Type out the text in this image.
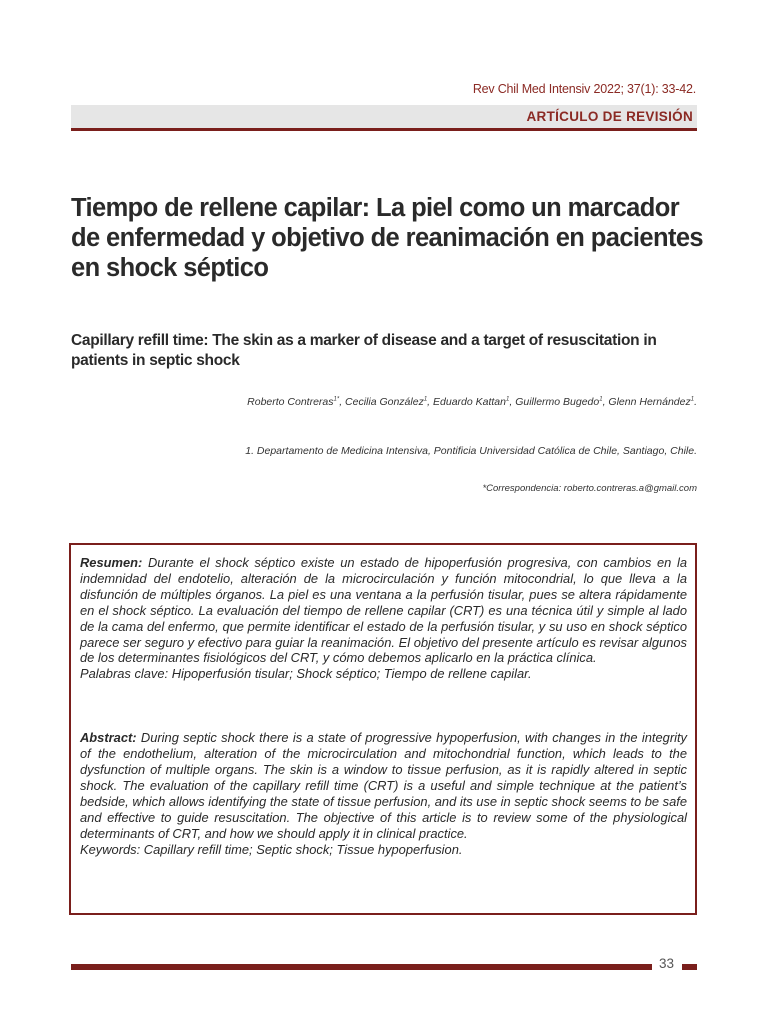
Rev Chil Med Intensiv 2022; 37(1): 33-42.
ARTÍCULO DE REVISIÓN
Tiempo de rellene capilar: La piel como un marcador de enfermedad y objetivo de reanimación en pacientes en shock séptico
Capillary refill time: The skin as a marker of disease and a target of resuscitation in patients in septic shock
Roberto Contreras$^{1*}$, Cecilia González$^1$, Eduardo Kattan$^1$, Guillermo Bugedo$^1$, Glenn Hernández$^1$.
1. Departamento de Medicina Intensiva, Pontificia Universidad Católica de Chile, Santiago, Chile.
*Correspondencia: roberto.contreras.a@gmail.com

Resumen: Durante el shock séptico existe un estado de hipoperfusión progresiva, con cambios en la indemnidad del endotelio, alteración de la microcirculación y función mitocondrial, lo que lleva a la disfunción de múltiples órganos. La piel es una ventana a la perfusión tisular, pues se altera rápidamente en el shock séptico. La evaluación del tiempo de rellene capilar (CRT) es una técnica útil y simple al lado de la cama del enfermo, que permite identificar el estado de la perfusión tisular, y su uso en shock séptico parece ser seguro y efectivo para guiar la reanimación. El objetivo del presente artículo es revisar algunos de los determinantes fisiológicos del CRT, y cómo debemos aplicarlo en la práctica clínica.

Palabras clave: Hipoperfusión tisular; Shock séptico; Tiempo de rellene capilar.

Abstract: During septic shock there is a state of progressive hypoperfusion, with changes in the integrity of the endothelium, alteration of the microcirculation and mitochondrial function, which leads to the dysfunction of multiple organs. The skin is a window to tissue perfusion, as it is rapidly altered in septic shock. The evaluation of the capillary refill time (CRT) is a useful and simple technique at the patient’s bedside, which allows identifying the state of tissue perfusion, and its use in septic shock seems to be safe and effective to guide resuscitation. The objective of this article is to review some of the physiological determinants of CRT, and how we should apply it in clinical practice.

Keywords: Capillary refill time; Septic shock; Tissue hypoperfusion.

33
